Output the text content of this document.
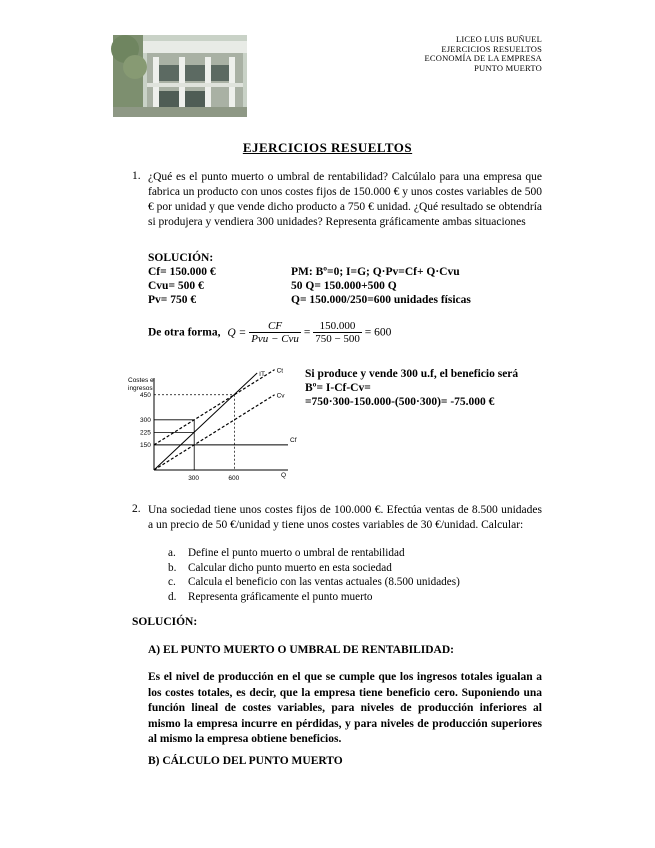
LICEO LUIS BUÑUEL
EJERCICIOS RESUELTOS
ECONOMÍA DE LA EMPRESA
PUNTO MUERTO
EJERCICIOS RESUELTOS
1. ¿Qué es el punto muerto o umbral de rentabilidad? Calcúlalo para una empresa que fabrica un producto con unos costes fijos de 150.000 € y unos costes variables de 500 € por unidad y que vende dicho producto a 750 € unidad. ¿Qué resultado se obtendría si produjera y vendiera 300 unidades? Representa gráficamente ambas situaciones
SOLUCIÓN:
Cf= 150.000 €
Cvu= 500 €
Pv= 750 €
PM: Bº=0; I=G; Q·Pv=Cf+ Q·Cvu
50 Q= 150.000+500 Q
Q= 150.000/250=600 unidades físicas
De otra forma, $Q = \frac{CF}{\text{Pvu − Cvu}} = \frac{150.000}{750 - 500} = 600$
Costes e
ingresos
Q
IT Ct
Cv
Cf
450
300
225
150
300	600
Si produce y vende 300 u.f, el beneficio será
Bº= I-Cf-Cv=
=750·300-150.000-(500·300)= -75.000 €
2. Una sociedad tiene unos costes fijos de 100.000 €. Efectúa ventas de 8.500 unidades a un precio de 50 €/unidad y tiene unos costes variables de 30 €/unidad. Calcular:
a. Define el punto muerto o umbral de rentabilidad
b. Calcular dicho punto muerto en esta sociedad
c. Calcula el beneficio con las ventas actuales (8.500 unidades)
d. Representa gráficamente el punto muerto
SOLUCIÓN:
A) EL PUNTO MUERTO O UMBRAL DE RENTABILIDAD:
Es el nivel de producción en el que se cumple que los ingresos totales igualan a los costes totales, es decir, que la empresa tiene beneficio cero. Suponiendo una función lineal de costes variables, para niveles de producción inferiores al mismo la empresa incurre en pérdidas, y para niveles de producción superiores al mismo la empresa obtiene beneficios.
B) CÁLCULO DEL PUNTO MUERTO
